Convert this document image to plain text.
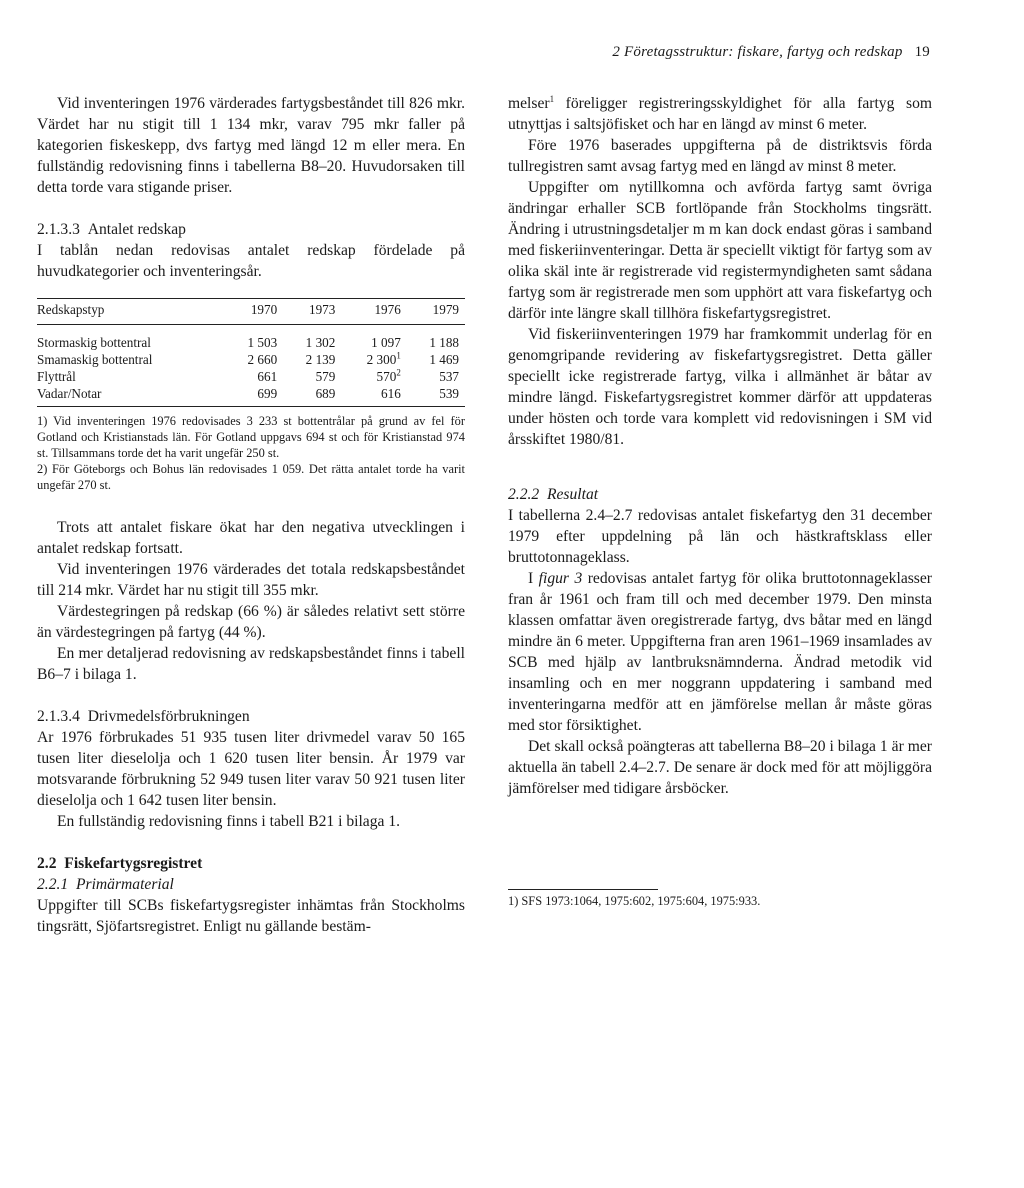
2 Företagsstruktur: fiskare, fartyg och redskap 19

Vid inventeringen 1976 värderades fartygsbeståndet till 826 mkr. Värdet har nu stigit till 1 134 mkr, varav 795 mkr faller på kategorien fiskeskepp, dvs fartyg med längd 12 m eller mera. En fullständig redovisning finns i tabellerna B8–20. Huvudorsaken till detta torde vara stigande priser.

2.1.3.3 Antalet redskap

I tablån nedan redovisas antalet redskap fördelade på huvudkategorier och inventeringsår.

Redskapstyp	1970	1973	1976	1979
Stormaskig bottentral	1 503	1 302	1 097	1 188
Smamaskig bottentral	2 660	2 139	2 $300^1$	1 469
Flyttrål	661	579	$570^2$	537
Vadar/Notar	699	689	616	539
1) Vid inventeringen 1976 redovisades 3 233 st bottentrålar på grund av fel för Gotland och Kristianstads län. För Gotland uppgavs 694 st och för Kristianstad 974 st. Tillsammans torde det ha varit ungefär 250 st.
2) För Göteborgs och Bohus län redovisades 1 059. Det rätta antalet torde ha varit ungefär 270 st.

Trots att antalet fiskare ökat har den negativa utvecklingen i antalet redskap fortsatt.

Vid inventeringen 1976 värderades det totala redskapsbeståndet till 214 mkr. Värdet har nu stigit till 355 mkr.

Värdestegringen på redskap (66 %) är således relativt sett större än värdestegringen på fartyg (44 %).

En mer detaljerad redovisning av redskapsbeståndet finns i tabell B6–7 i bilaga 1.

2.1.3.4 Drivmedelsförbrukningen

Ar 1976 förbrukades 51 935 tusen liter drivmedel varav 50 165 tusen liter dieselolja och 1 620 tusen liter bensin. År 1979 var motsvarande förbrukning 52 949 tusen liter varav 50 921 tusen liter dieselolja och 1 642 tusen liter bensin.

En fullständig redovisning finns i tabell B21 i bilaga 1.

2.2 Fiskefartygsregistret
2.2.1 Primärmaterial

Uppgifter till SCBs fiskefartygsregister inhämtas från Stockholms tingsrätt, Sjöfartsregistret. Enligt nu gällande bestäm-

melser$^1$ föreligger registreringsskyldighet för alla fartyg som utnyttjas i saltsjöfisket och har en längd av minst 6 meter.

Före 1976 baserades uppgifterna på de distriktsvis förda tullregistren samt avsag fartyg med en längd av minst 8 meter.

Uppgifter om nytillkomna och avförda fartyg samt övriga ändringar erhaller SCB fortlöpande från Stockholms tingsrätt. Ändring i utrustningsdetaljer m m kan dock endast göras i samband med fiskeriinventeringar. Detta är speciellt viktigt för fartyg som av olika skäl inte är registrerade vid registermyndigheten samt sådana fartyg som är registrerade men som upphört att vara fiskefartyg och därför inte längre skall tillhöra fiskefartygsregistret.

Vid fiskeriinventeringen 1979 har framkommit underlag för en genomgripande revidering av fiskefartygsregistret. Detta gäller speciellt icke registrerade fartyg, vilka i allmänhet är båtar av mindre längd. Fiskefartygsregistret kommer därför att uppdateras under hösten och torde vara komplett vid redovisningen i SM vid årsskiftet 1980/81.

2.2.2 Resultat

I tabellerna 2.4–2.7 redovisas antalet fiskefartyg den 31 december 1979 efter uppdelning på län och hästkraftsklass eller bruttotonnageklass.

I figur 3 redovisas antalet fartyg för olika bruttotonnageklasser fran år 1961 och fram till och med december 1979. Den minsta klassen omfattar även oregistrerade fartyg, dvs båtar med en längd mindre än 6 meter. Uppgifterna fran aren 1961–1969 insamlades av SCB med hjälp av lantbruksnämnderna. Ändrad metodik vid insamling och en mer noggrann uppdatering i samband med inventeringarna medför att en jämförelse mellan år måste göras med stor försiktighet.

Det skall också poängteras att tabellerna B8–20 i bilaga 1 är mer aktuella än tabell 2.4–2.7. De senare är dock med för att möjliggöra jämförelser med tidigare årsböcker.

1) SFS 1973:1064, 1975:602, 1975:604, 1975:933.
